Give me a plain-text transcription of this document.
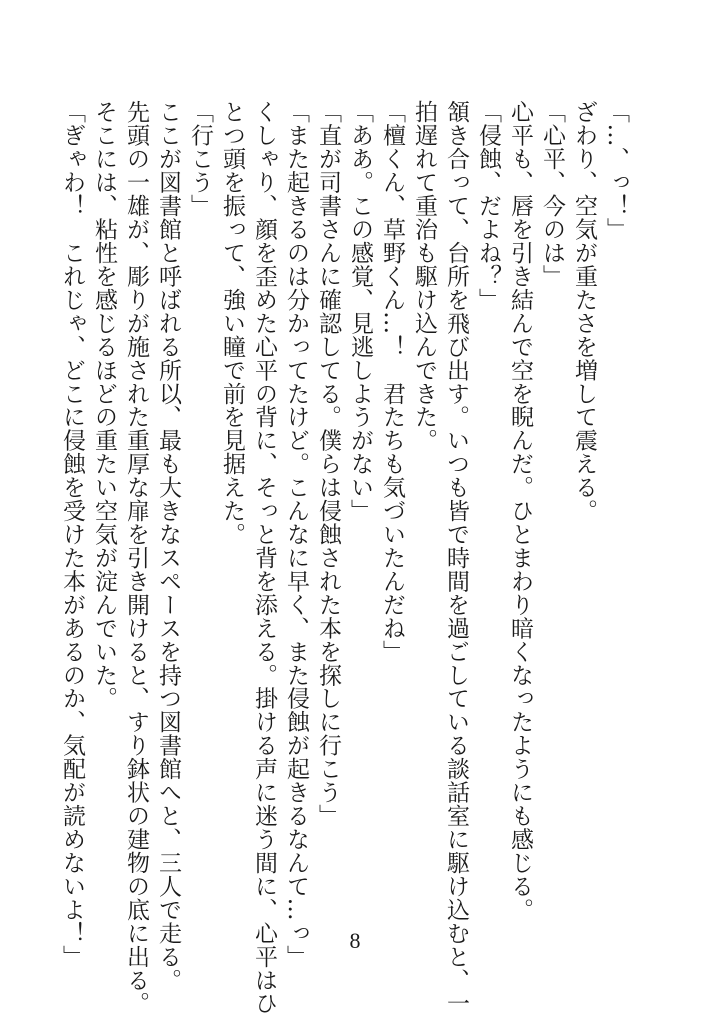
「…、っ！」
ざわり、空気が重たさを増して震える。
「心平、今のは」
心平も、唇を引き結んで空を睨んだ。ひとまわり暗くなったようにも感じる。
「侵蝕、だよね？」
頷き合って、台所を飛び出す。いつも皆で時間を過ごしている談話室に駆け込むと、一
拍遅れて重治も駆け込んできた。
「檀くん、草野くん…！　君たちも気づいたんだね」
「ああ。この感覚、見逃しようがない」
「直が司書さんに確認してる。僕らは侵蝕された本を探しに行こう」
「また起きるのは分かってたけど。こんなに早く、また侵蝕が起きるなんて…っ」
くしゃり、顔を歪めた心平の背に、そっと背を添える。掛ける声に迷う間に、心平はひ
とつ頭を振って、強い瞳で前を見据えた。
「行こう」
ここが図書館と呼ばれる所以、最も大きなスペースを持つ図書館へと、三人で走る。
先頭の一雄が、彫りが施された重厚な扉を引き開けると、すり鉢状の建物の底に出る。
そこには、粘性を感じるほどの重たい空気が淀んでいた。
「ぎゃわ！　これじゃ、どこに侵蝕を受けた本があるのか、気配が読めないよ！」	8
